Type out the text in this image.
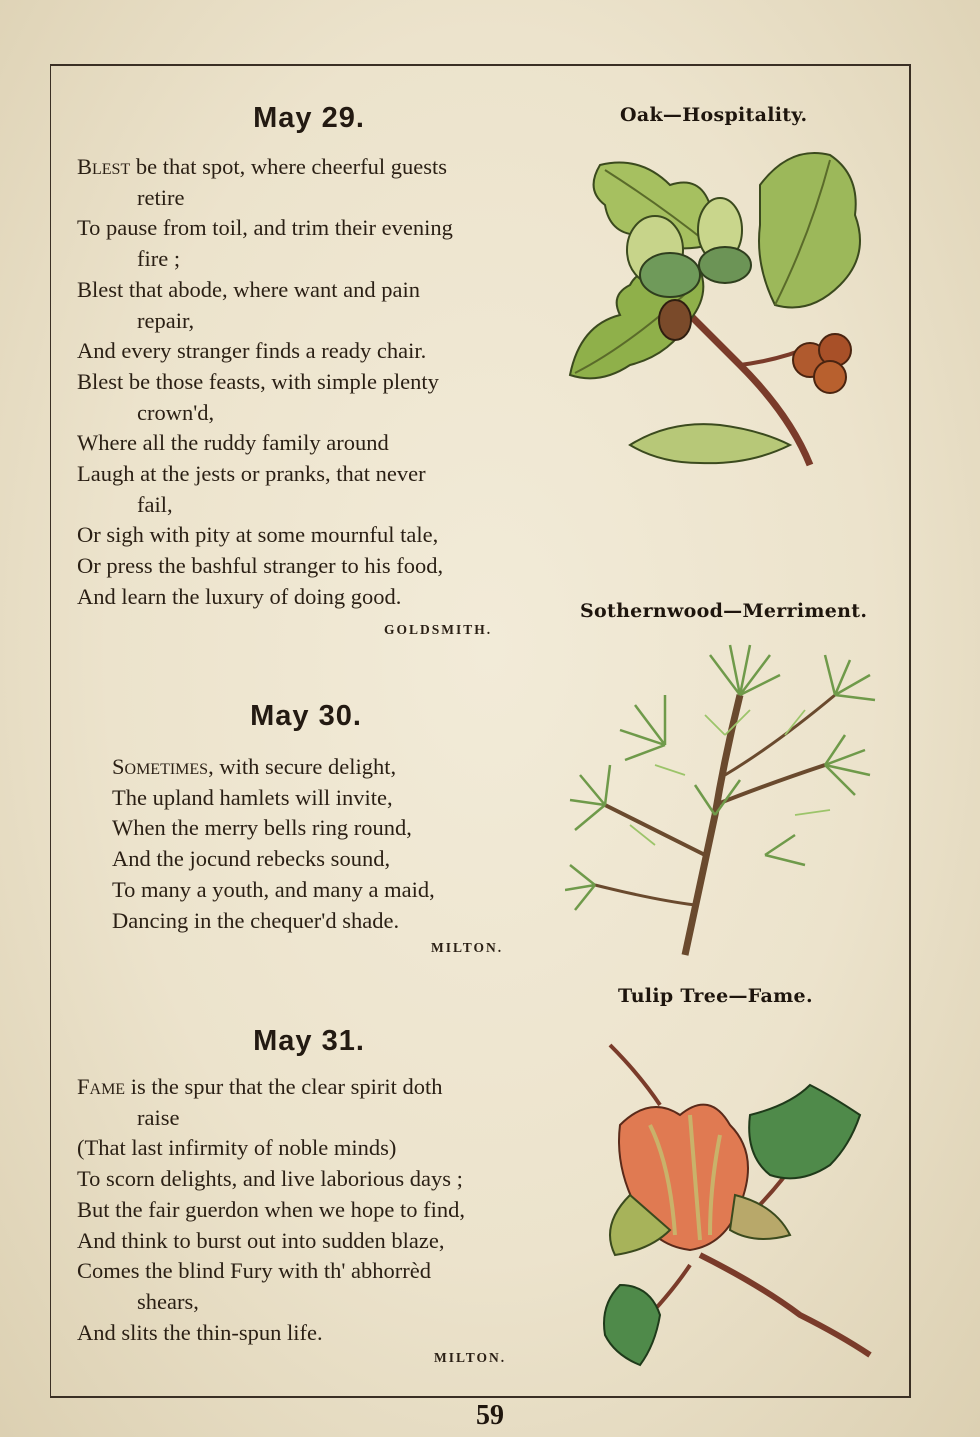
May 29.
Blest be that spot, where cheerful guests
retire
To pause from toil, and trim their evening
fire ;
Blest that abode, where want and pain
repair,
And every stranger finds a ready chair.
Blest be those feasts, with simple plenty
crown'd,
Where all the ruddy family around
Laugh at the jests or pranks, that never
fail,
Or sigh with pity at some mournful tale,
Or press the bashful stranger to his food,
And learn the luxury of doing good.
GOLDSMITH.
May 30.
Sometimes, with secure delight,
The upland hamlets will invite,
When the merry bells ring round,
And the jocund rebecks sound,
To many a youth, and many a maid,
Dancing in the chequer'd shade.
MILTON.
May 31.
Fame is the spur that the clear spirit doth
raise
(That last infirmity of noble minds)
To scorn delights, and live laborious days ;
But the fair guerdon when we hope to find,
And think to burst out into sudden blaze,
Comes the blind Fury with th' abhorrèd
shears,
And slits the thin-spun life.
MILTON.
Oak—Hospitality.
Sothernwood—Merriment.
Tulip Tree—Fame.
59
